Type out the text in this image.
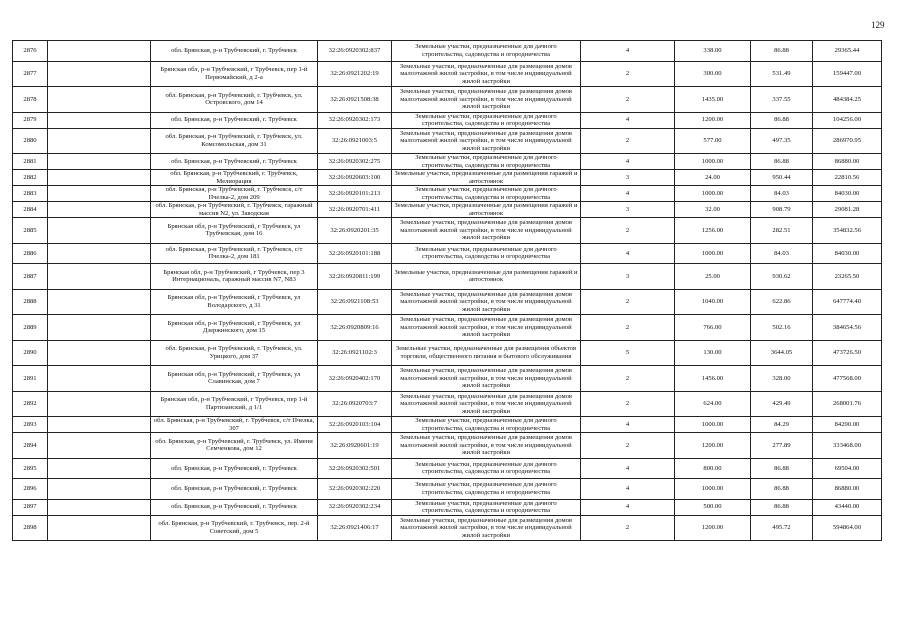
129
2876		обл. Брянская, р-н Трубчевский, г. Трубчевск	32:26:0920302:837	Земельные участки, предназначенные для дачного строительства, садоводства и огородничества	4	338.00	86.88	29365.44
2877		Брянская обл, р-н Трубчевский, г Трубчевск, пер 1-й Первомайский, д 2-а	32:26:0921202:19	Земельные участки, предназначенные для размещения домов малоэтажной жилой застройки, в том числе индивидуальной жилой застройки	2	300.00	531.49	159447.00
2878		обл. Брянская, р-н Трубчевский, г. Трубчевск, ул. Островского, дом 14	32:26:0921508:38	Земельные участки, предназначенные для размещения домов малоэтажной жилой застройки, в том числе индивидуальной жилой застройки	2	1435.00	337.55	484384.25
2879		обл. Брянская, р-н Трубчевский, г. Трубчевск	32:26:0920302:173	Земельные участки, предназначенные для дачного строительства, садоводства и огородничества	4	1200.00	86.88	104256.00
2880		обл. Брянская, р-н Трубчевский, г. Трубчевск, ул. Комсомольская, дом 31	32:26:0921003:5	Земельные участки, предназначенные для размещения домов малоэтажной жилой застройки, в том числе индивидуальной жилой застройки	2	577.00	497.35	286970.95
2881		обл. Брянская, р-н Трубчевский, г. Трубчевск	32:26:0920302:275	Земельные участки, предназначенные для дачного строительства, садоводства и огородничества	4	1000.00	86.88	86880.00
2882		обл. Брянская, р-н Трубчевский, г. Трубчевск, Мелиорация	32:26:0920603:100	Земельные участки, предназначенные для размещения гаражей и автостоянок	3	24.00	950.44	22810.56
2883		обл. Брянская, р-н Трубчевский, г. Трубчевск, с/т Пчелка-2, дом 209	32:26:0920101:213	Земельные участки, предназначенные для дачного строительства, садоводства и огородничества	4	1000.00	84.03	84030.00
2884		обл. Брянская, р-н Трубчевский, г. Трубчевск, гаражный массив N2, ул. Заводская	32:26:0920701:411	Земельные участки, предназначенные для размещения гаражей и автостоянок	3	32.00	908.79	29081.28
2885		Брянская обл, р-н Трубчевский, г Трубчевск, ул Трубчевская, дом 16	32:26:0920201:35	Земельные участки, предназначенные для размещения домов малоэтажной жилой застройки, в том числе индивидуальной жилой застройки	2	1256.00	282.51	354832.56
2886		обл. Брянская, р-н Трубчевский, г. Трубчевск, с/т Пчелка-2, дом 181	32:26:0920101:188	Земельные участки, предназначенные для дачного строительства, садоводства и огородничества	4	1000.00	84.03	84030.00
2887		Брянская обл, р-н Трубчевский, г Трубчевск, пер 3 Интернациональ, гаражный массив N7, N83	32:26:0920811:199	Земельные участки, предназначенные для размещения гаражей и автостоянок	3	25.00	930.62	23265.50
2888		Брянская обл, р-н Трубчевский, г Трубчевск, ул Володарского, д 31	32:26:0921108:53	Земельные участки, предназначенные для размещения домов малоэтажной жилой застройки, в том числе индивидуальной жилой застройки	2	1040.00	622.86	647774.40
2889		Брянская обл, р-н Трубчевский, г Трубчевск, ул Дзержинского, дом 15	32:26:0920809:16	Земельные участки, предназначенные для размещения домов малоэтажной жилой застройки, в том числе индивидуальной жилой застройки	2	766.00	502.16	384654.56
2890		обл. Брянская, р-н Трубчевский, г. Трубчевск, ул. Урицкого, дом 37	32:26:0921102:3	Земельные участки, предназначенные для размещения объектов торговли, общественного питания и бытового обслуживания	5	130.00	3644.05	473726.50
2891		Брянская обл, р-н Трубчевский, г Трубчевск, ул Славинская, дом 7	32:26:0920402:170	Земельные участки, предназначенные для размещения домов малоэтажной жилой застройки, в том числе индивидуальной жилой застройки	2	1456.00	328.00	477568.00
2892		Брянская обл, р-н Трубчевский, г Трубчевск, пер 1-й Партизанский, д 1/1	32:26:0920703:7	Земельные участки, предназначенные для размещения домов малоэтажной жилой застройки, в том числе индивидуальной жилой застройки	2	624.00	429.49	268001.76
2893		обл. Брянская, р-н Трубчевский, г. Трубчевск, с/т Пчелка, 307	32:26:0920103:104	Земельные участки, предназначенные для дачного строительства, садоводства и огородничества	4	1000.00	84.29	84290.00
2894		обл. Брянская, р-н Трубчевский, г. Трубчевск, ул. Имени Семченкова, дом 12	32:26:0920601:19	Земельные участки, предназначенные для размещения домов малоэтажной жилой застройки, в том числе индивидуальной жилой застройки	2	1200.00	277.89	333468.00
2895		обл. Брянская, р-н Трубчевский, г. Трубчевск	32:26:0920302:501	Земельные участки, предназначенные для дачного строительства, садоводства и огородничества	4	800.00	86.88	69504.00
2896		обл. Брянская, р-н Трубчевский, г. Трубчевск	32:26:0920302:220	Земельные участки, предназначенные для дачного строительства, садоводства и огородничества	4	1000.00	86.88	86880.00
2897		обл. Брянская, р-н Трубчевский, г. Трубчевск	32:26:0920302:234	Земельные участки, предназначенные для дачного строительства, садоводства и огородничества	4	500.00	86.88	43440.00
2898		обл. Брянская, р-н Трубчевский, г. Трубчевск, пер. 2-й Советский, дом 5	32:26:0921406:17	Земельные участки, предназначенные для размещения домов малоэтажной жилой застройки, в том числе индивидуальной жилой застройки	2	1200.00	495.72	594864.00
